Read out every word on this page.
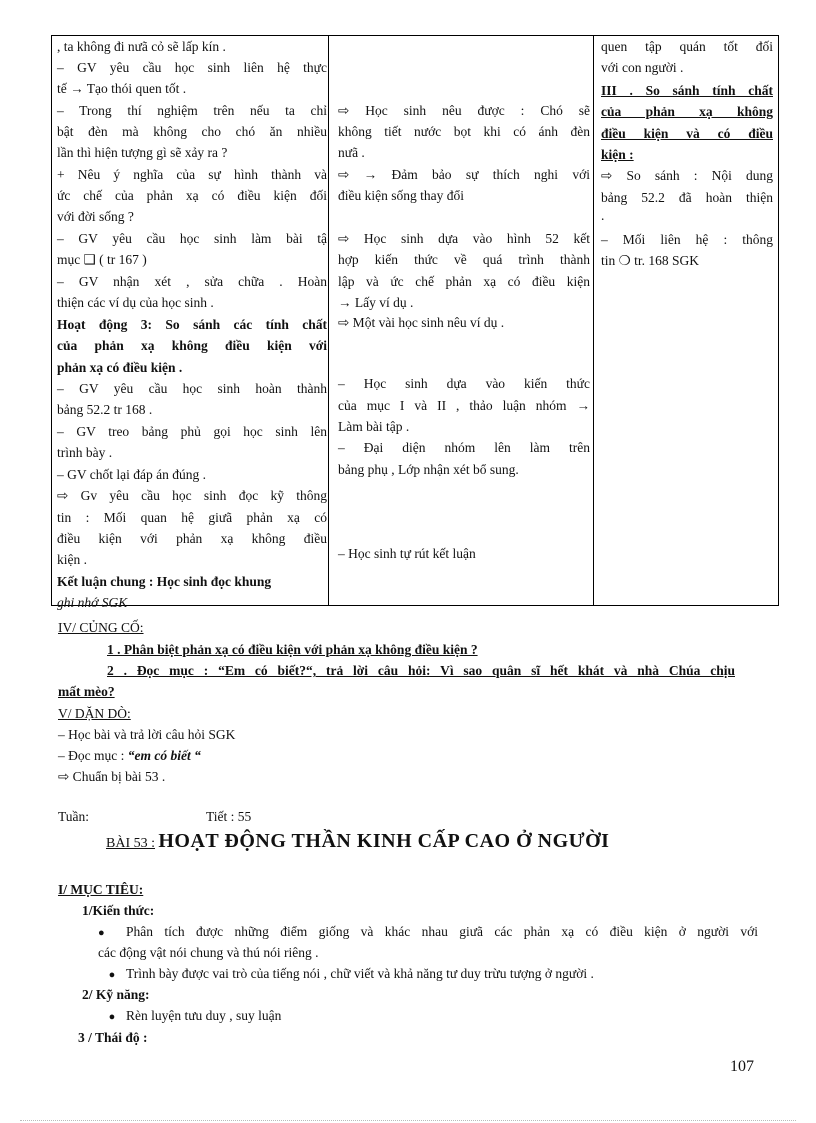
, ta không đi nưã cỏ sẽ lấp kín .
– GV yêu cầu học sinh liên hệ thực
tế → Tạo thói quen tốt .
– Trong thí nghiệm trên nếu ta chỉ
bật đèn mà không cho chó ăn nhiều
lần thì hiện tượng gì sẽ xảy ra ?
+ Nêu ý nghĩa của sự hình thành và
ức chế của phản xạ có điều kiện đối
với đời sống ?
– GV yêu cầu học sinh làm bài tậ
mục ❑ ( tr 167 )
– GV nhận xét , sửa chữa . Hoàn
thiện các ví dụ của học sinh .
Hoạt động 3: So sánh các tính chất
của phản xạ không điều kiện với
phản xạ có điều kiện .
– GV yêu cầu học sinh hoàn thành
bảng 52.2 tr 168 .
– GV treo bảng phủ gọi học sinh lên
trình bày .
– GV chốt lại đáp án đúng .
⇨ Gv yêu cầu học sinh đọc kỹ thông
tin : Mối quan hệ giưã phản xạ có
điều kiện với phản xạ không điều
kiện .
Kết luận chung : Học sinh đọc khung
ghi nhớ SGK
⇨ Học sinh nêu được : Chó sẽ
không tiết nước bọt khi có ánh đèn
nưã .
⇨ → Đảm bảo sự thích nghi với
điều kiện sống thay đổi
⇨ Học sinh dựa vào hình 52 kết
hợp kiến thức về quá trình thành
lập và ức chế phản xạ có điều kiện
→ Lấy ví dụ .
⇨ Một vài học sinh nêu ví dụ .
– Học sinh dựa vào kiến thức
của mục I và II , thảo luận nhóm →
Làm bài tập .
– Đại diện nhóm lên làm trên
bảng phụ , Lớp nhận xét bổ sung.
– Học sinh tự rút kết luận
quen tập quán tốt đối
với con người .
III . So sánh tính chất
của phản xạ không
điều kiện và có điều
kiện :
⇨ So sánh : Nội dung
bảng 52.2 đã hoàn thiện
.
– Mối liên hệ : thông
tin ❍ tr. 168 SGK
IV/ CỦNG CỐ:
1 . Phân biệt phản xạ có điều kiện với phản xạ không điều kiện ?
2 . Đọc mục : “Em có biết?“, trả lời câu hỏi: Vì sao quân sĩ hết khát và nhà Chúa chịu
mất mèo?
V/ DẶN DÒ:
– Học bài và trả lời câu hỏi SGK
– Đọc mục : “em có biết “
⇨ Chuẩn bị bài 53 .
Tuần:	Tiết : 55
BÀI 53 : HOẠT ĐỘNG THẦN KINH CẤP CAO Ở NGƯỜI
I/ MỤC TIÊU:
1/Kiến thức:
● Phân tích được những điểm giống và khác nhau giưã các phản xạ có điều kiện ở người với
các động vật nói chung và thú nói riêng .
● Trình bày được vai trò của tiếng nói , chữ viết và khả năng tư duy trừu tượng ở người .
2/ Kỹ năng:
● Rèn luyện tưu duy , suy luận
3 / Thái độ :
107
